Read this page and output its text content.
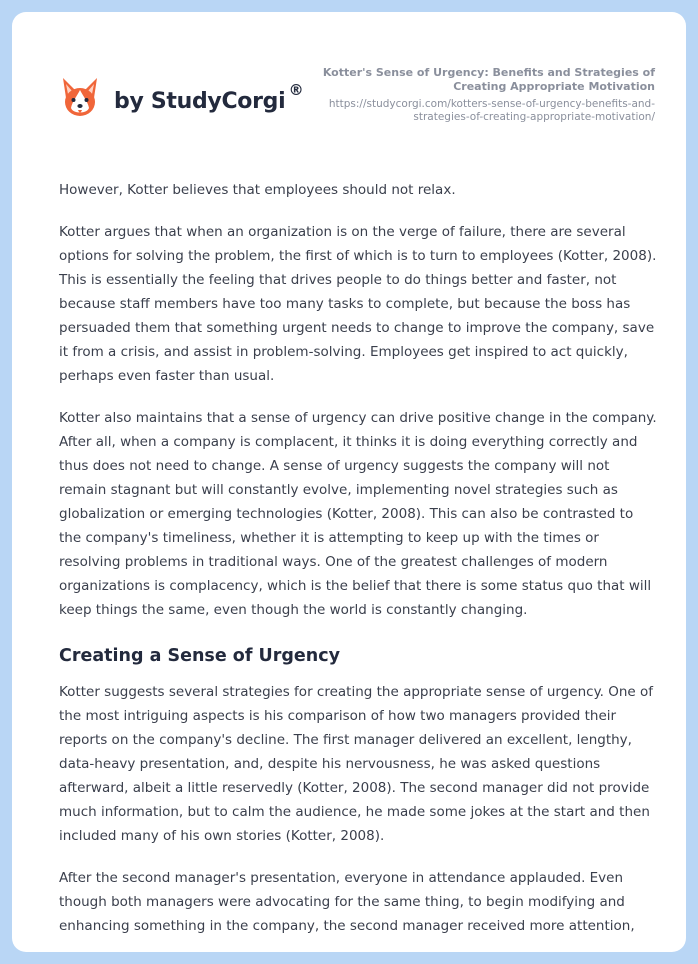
by StudyCorgi ®
Kotter's Sense of Urgency: Benefits and Strategies of Creating Appropriate Motivation
https://studycorgi.com/kotters-sense-of-urgency-benefits-and-strategies-of-creating-appropriate-motivation/

However, Kotter believes that employees should not relax.

Kotter argues that when an organization is on the verge of failure, there are several options for solving the problem, the first of which is to turn to employees (Kotter, 2008). This is essentially the feeling that drives people to do things better and faster, not because staff members have too many tasks to complete, but because the boss has persuaded them that something urgent needs to change to improve the company, save it from a crisis, and assist in problem-solving. Employees get inspired to act quickly, perhaps even faster than usual.

Kotter also maintains that a sense of urgency can drive positive change in the company. After all, when a company is complacent, it thinks it is doing everything correctly and thus does not need to change. A sense of urgency suggests the company will not remain stagnant but will constantly evolve, implementing novel strategies such as globalization or emerging technologies (Kotter, 2008). This can also be contrasted to the company's timeliness, whether it is attempting to keep up with the times or resolving problems in traditional ways. One of the greatest challenges of modern organizations is complacency, which is the belief that there is some status quo that will keep things the same, even though the world is constantly changing.

Creating a Sense of Urgency

Kotter suggests several strategies for creating the appropriate sense of urgency. One of the most intriguing aspects is his comparison of how two managers provided their reports on the company's decline. The first manager delivered an excellent, lengthy, data-heavy presentation, and, despite his nervousness, he was asked questions afterward, albeit a little reservedly (Kotter, 2008). The second manager did not provide much information, but to calm the audience, he made some jokes at the start and then included many of his own stories (Kotter, 2008).

After the second manager's presentation, everyone in attendance applauded. Even though both managers were advocating for the same thing, to begin modifying and enhancing something in the company, the second manager received more attention,
